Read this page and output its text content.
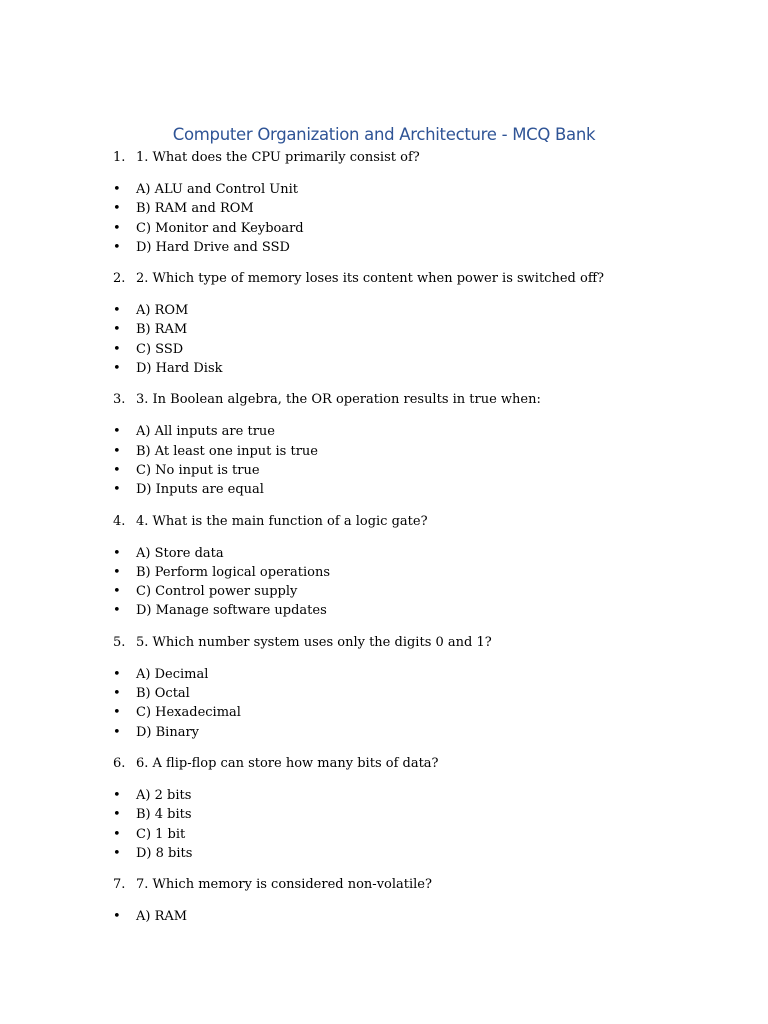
Computer Organization and Architecture - MCQ Bank
1. 1. What does the CPU primarily consist of?
• A) ALU and Control Unit
• B) RAM and ROM
• C) Monitor and Keyboard
• D) Hard Drive and SSD
2. 2. Which type of memory loses its content when power is switched off?
• A) ROM
• B) RAM
• C) SSD
• D) Hard Disk
3. 3. In Boolean algebra, the OR operation results in true when:
• A) All inputs are true
• B) At least one input is true
• C) No input is true
• D) Inputs are equal
4. 4. What is the main function of a logic gate?
• A) Store data
• B) Perform logical operations
• C) Control power supply
• D) Manage software updates
5. 5. Which number system uses only the digits 0 and 1?
• A) Decimal
• B) Octal
• C) Hexadecimal
• D) Binary
6. 6. A flip-flop can store how many bits of data?
• A) 2 bits
• B) 4 bits
• C) 1 bit
• D) 8 bits
7. 7. Which memory is considered non-volatile?
• A) RAM
